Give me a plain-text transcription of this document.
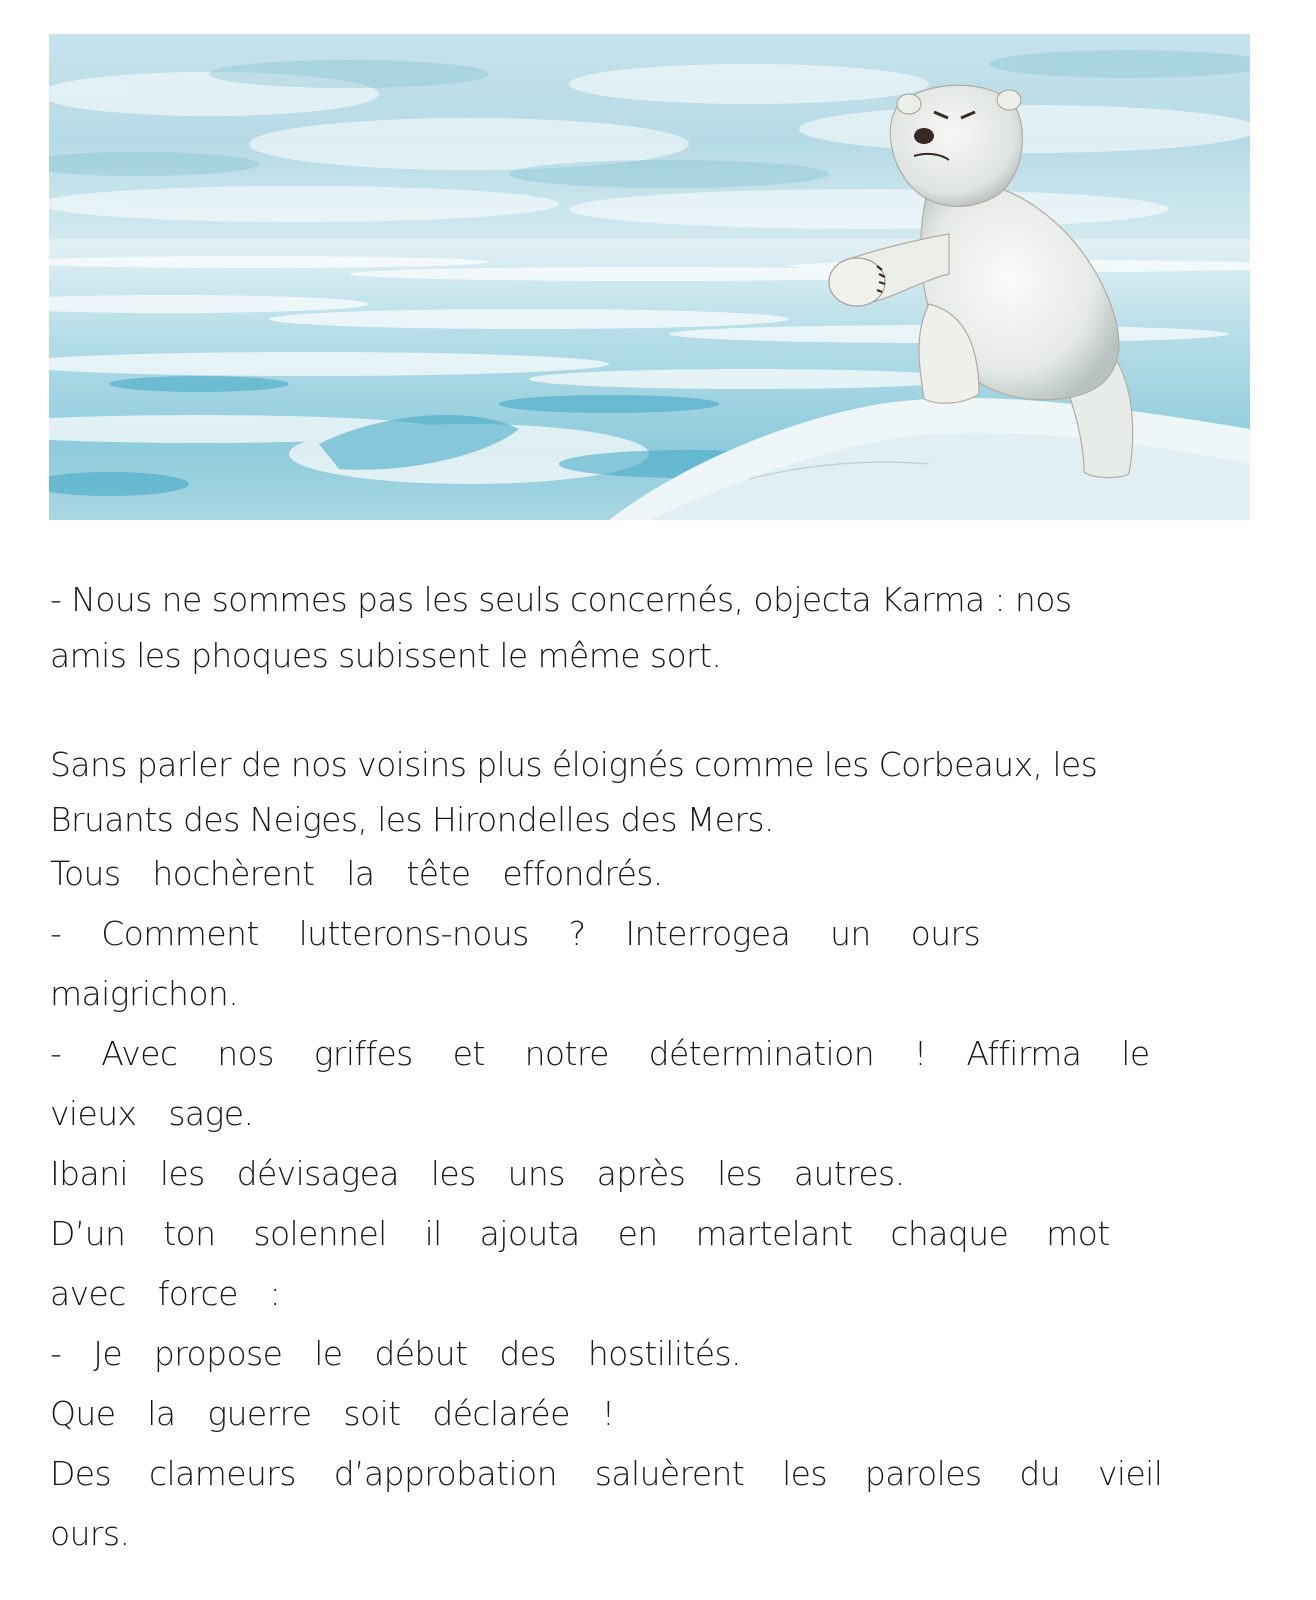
- Nous ne sommes pas les seuls concernés, objecta Karma : nos
amis les phoques subissent le même sort.
Sans parler de nos voisins plus éloignés comme les Corbeaux, les
Bruants des Neiges, les Hirondelles des Mers.
Tous hochèrent la tête effondrés.
- Comment lutterons-nous ? Interrogea un ours
maigrichon.
- Avec nos griffes et notre détermination ! Affirma le
vieux sage.
Ibani les dévisagea les uns après les autres.
D’un ton solennel il ajouta en martelant chaque mot
avec force :
- Je propose le début des hostilités.
Que la guerre soit déclarée !
Des clameurs d’approbation saluèrent les paroles du vieil
ours.
